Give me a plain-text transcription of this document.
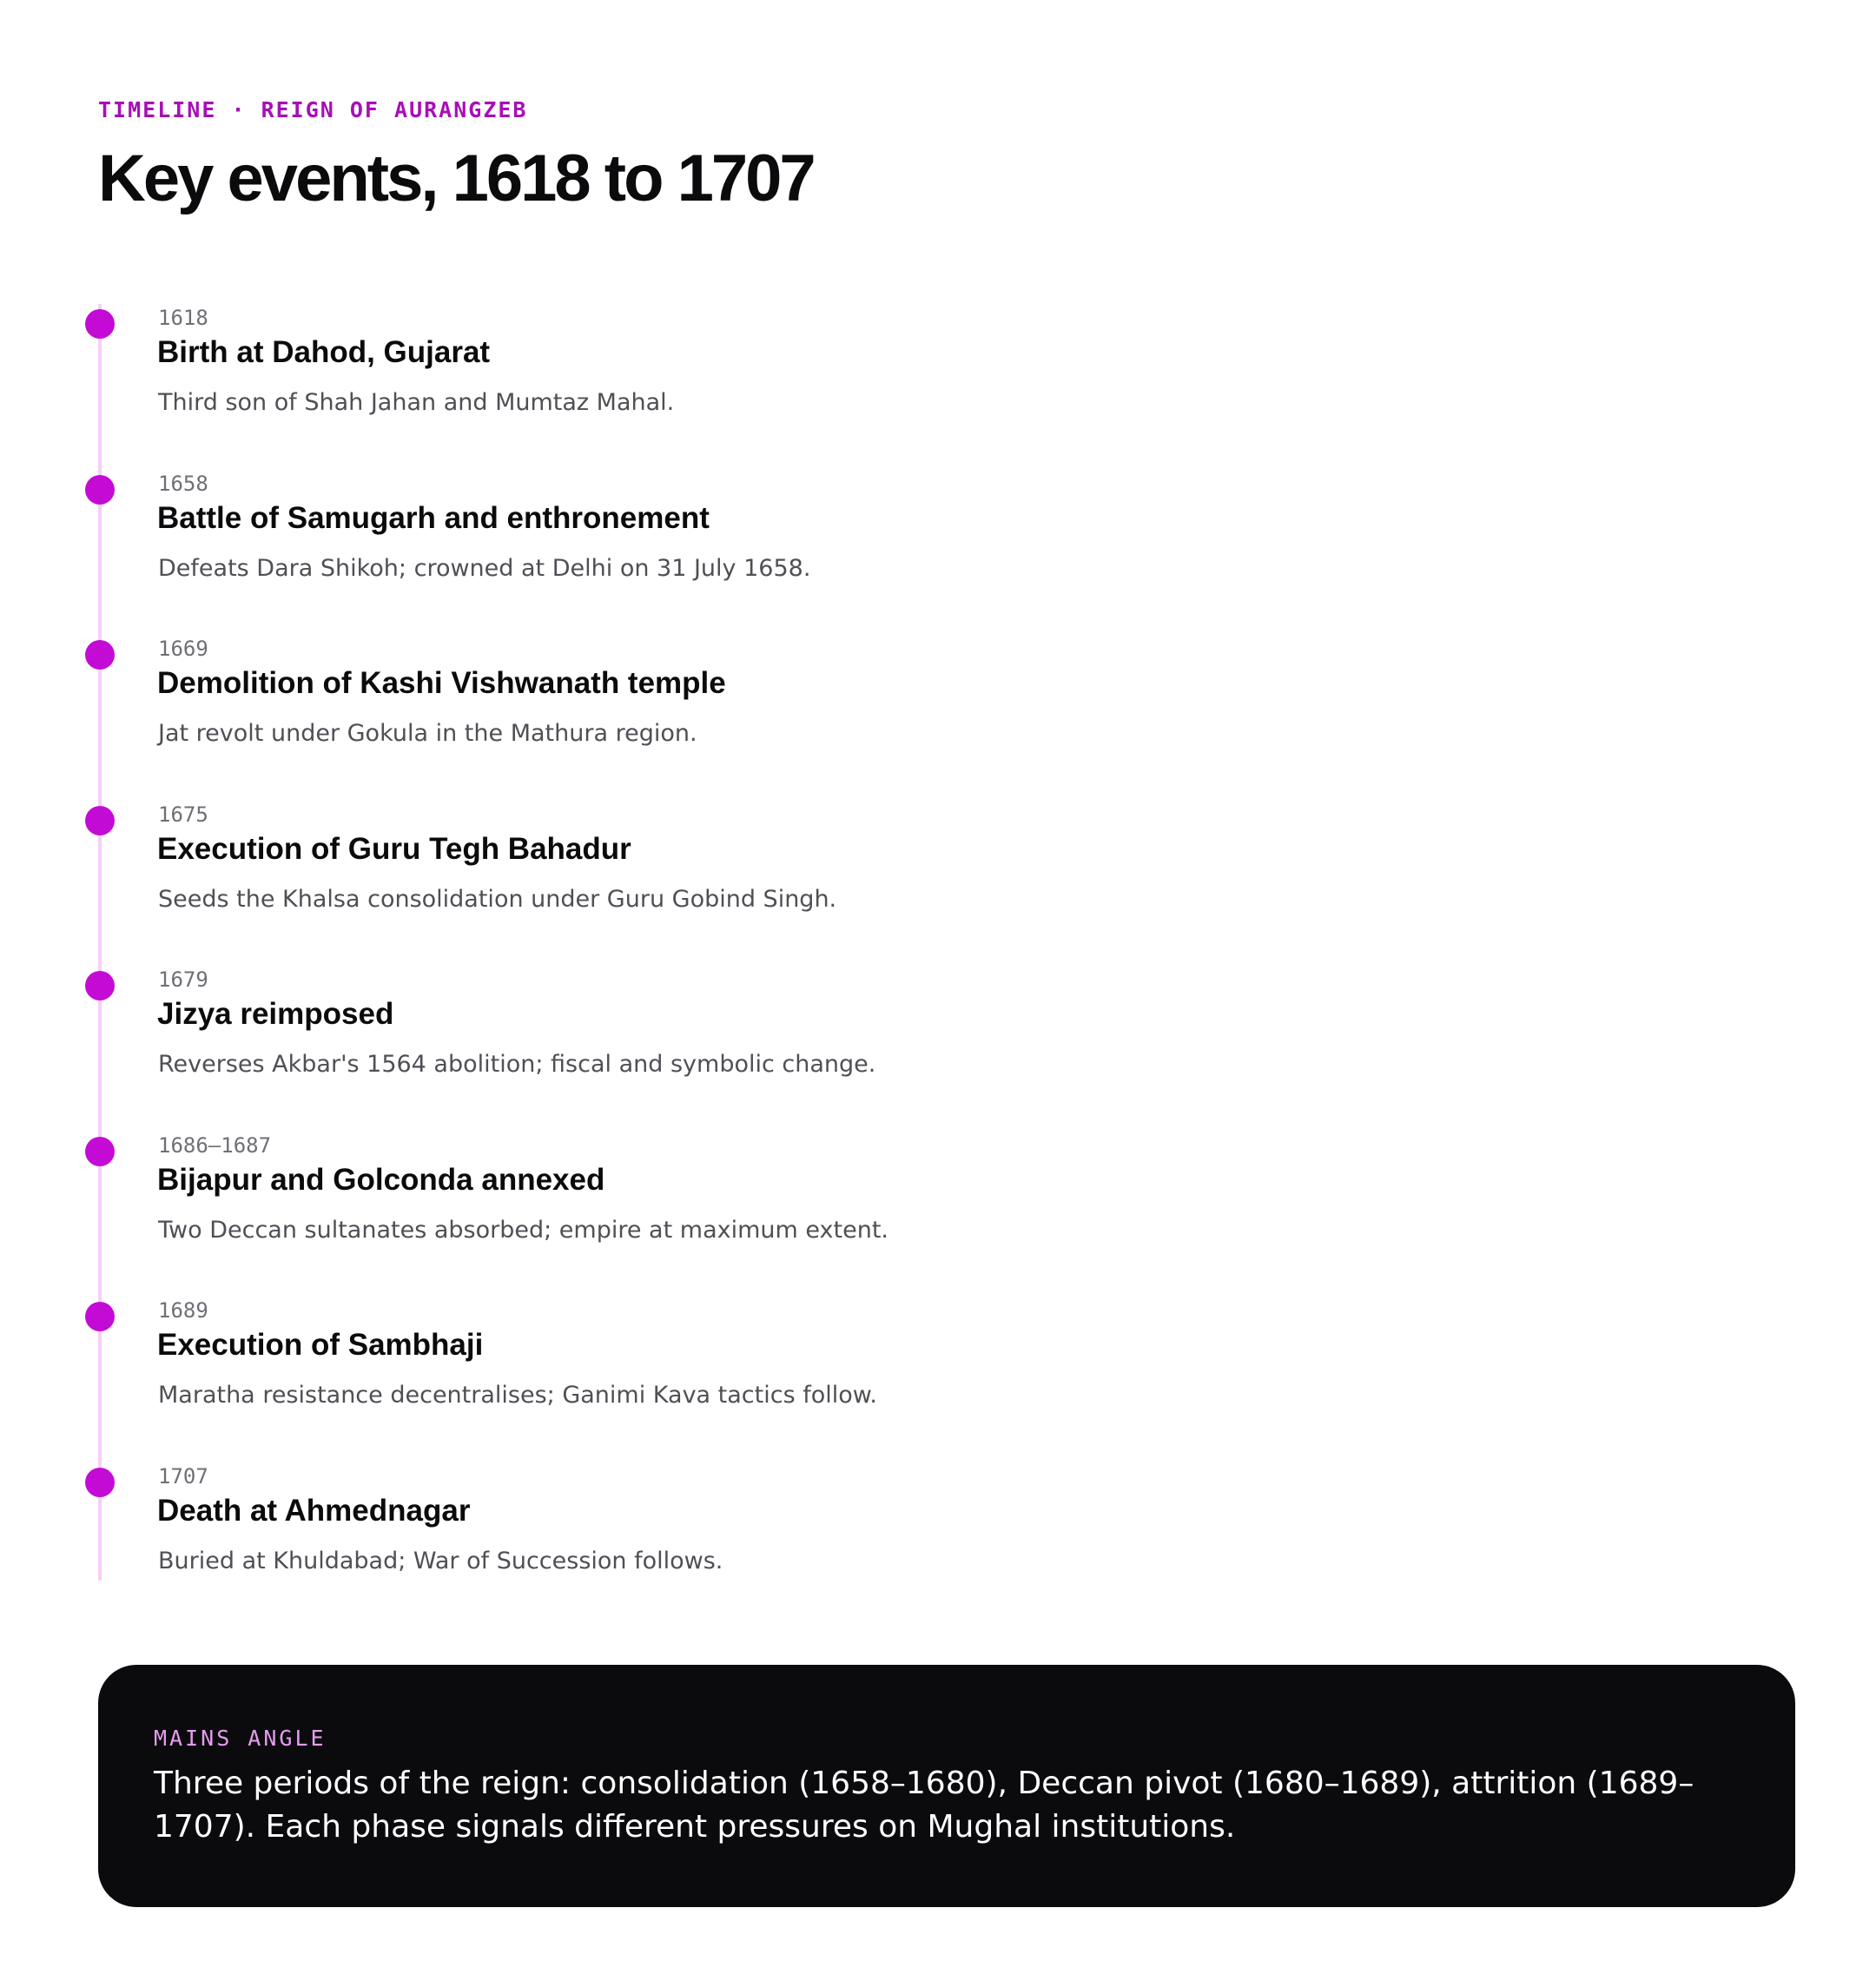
TIMELINE · REIGN OF AURANGZEB
Key events, 1618 to 1707
1618
Birth at Dahod, Gujarat
Third son of Shah Jahan and Mumtaz Mahal.
1658
Battle of Samugarh and enthronement
Defeats Dara Shikoh; crowned at Delhi on 31 July 1658.
1669
Demolition of Kashi Vishwanath temple
Jat revolt under Gokula in the Mathura region.
1675
Execution of Guru Tegh Bahadur
Seeds the Khalsa consolidation under Guru Gobind Singh.
1679
Jizya reimposed
Reverses Akbar's 1564 abolition; fiscal and symbolic change.
1686–1687
Bijapur and Golconda annexed
Two Deccan sultanates absorbed; empire at maximum extent.
1689
Execution of Sambhaji
Maratha resistance decentralises; Ganimi Kava tactics follow.
1707
Death at Ahmednagar
Buried at Khuldabad; War of Succession follows.
MAINS ANGLE
Three periods of the reign: consolidation (1658–1680), Deccan pivot (1680–1689), attrition (1689–1707). Each phase signals different pressures on Mughal institutions.
